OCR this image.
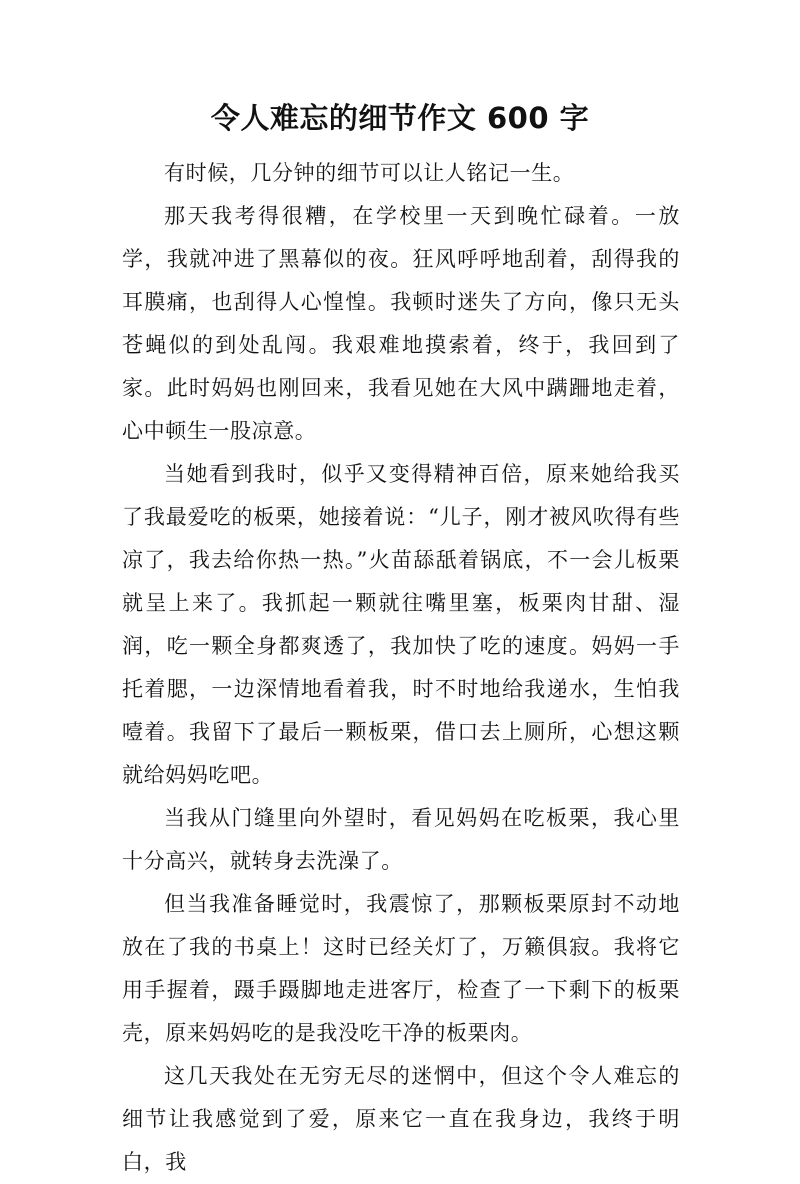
令人难忘的细节作文 600 字

有时候，几分钟的细节可以让人铭记一生。

那天我考得很糟，在学校里一天到晚忙碌着。一放学，我就冲进了黑幕似的夜。狂风呼呼地刮着，刮得我的耳膜痛，也刮得人心惶惶。我顿时迷失了方向，像只无头苍蝇似的到处乱闯。我艰难地摸索着，终于，我回到了家。此时妈妈也刚回来，我看见她在大风中蹒跚地走着，心中顿生一股凉意。

当她看到我时，似乎又变得精神百倍，原来她给我买了我最爱吃的板栗，她接着说：“儿子，刚才被风吹得有些凉了，我去给你热一热。”火苗舔舐着锅底，不一会儿板栗就呈上来了。我抓起一颗就往嘴里塞，板栗肉甘甜、湿润，吃一颗全身都爽透了，我加快了吃的速度。妈妈一手托着腮，一边深情地看着我，时不时地给我递水，生怕我噎着。我留下了最后一颗板栗，借口去上厕所，心想这颗就给妈妈吃吧。

当我从门缝里向外望时，看见妈妈在吃板栗，我心里十分高兴，就转身去洗澡了。

但当我准备睡觉时，我震惊了，那颗板栗原封不动地放在了我的书桌上！这时已经关灯了，万籁俱寂。我将它用手握着，蹑手蹑脚地走进客厅，检查了一下剩下的板栗壳，原来妈妈吃的是我没吃干净的板栗肉。

这几天我处在无穷无尽的迷惘中，但这个令人难忘的细节让我感觉到了爱，原来它一直在我身边，我终于明白，我
